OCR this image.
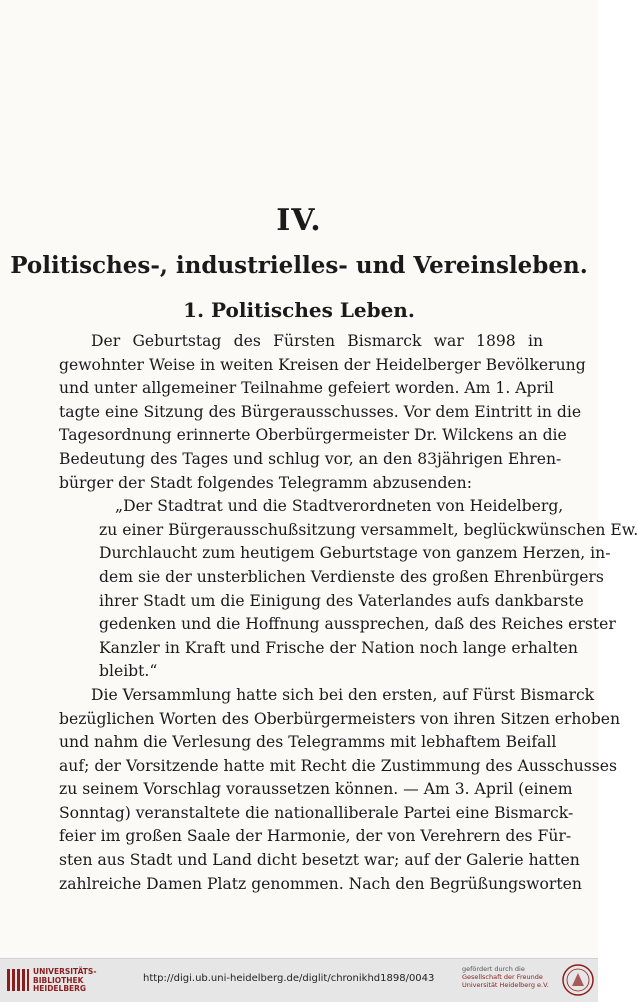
IV.
Politisches-, industrielles- und Vereinsleben.
1. Politisches Leben.
Der Geburtstag des Fürsten Bismarck war 1898 in
gewohnter Weise in weiten Kreisen der Heidelberger Bevölkerung
und unter allgemeiner Teilnahme gefeiert worden. Am 1. April
tagte eine Sitzung des Bürgerausschusses. Vor dem Eintritt in die
Tagesordnung erinnerte Oberbürgermeister Dr. Wilckens an die
Bedeutung des Tages und schlug vor, an den 83jährigen Ehren-
bürger der Stadt folgendes Telegramm abzusenden:
„Der Stadtrat und die Stadtverordneten von Heidelberg,
zu einer Bürgerausschußsitzung versammelt, beglückwünschen Ew.
Durchlaucht zum heutigem Geburtstage von ganzem Herzen, in-
dem sie der unsterblichen Verdienste des großen Ehrenbürgers
ihrer Stadt um die Einigung des Vaterlandes aufs dankbarste
gedenken und die Hoffnung aussprechen, daß des Reiches erster
Kanzler in Kraft und Frische der Nation noch lange erhalten
bleibt.“
Die Versammlung hatte sich bei den ersten, auf Fürst Bismarck
bezüglichen Worten des Oberbürgermeisters von ihren Sitzen erhoben
und nahm die Verlesung des Telegramms mit lebhaftem Beifall
auf; der Vorsitzende hatte mit Recht die Zustimmung des Ausschusses
zu seinem Vorschlag voraussetzen können. — Am 3. April (einem
Sonntag) veranstaltete die nationalliberale Partei eine Bismarck-
feier im großen Saale der Harmonie, der von Verehrern des Für-
sten aus Stadt und Land dicht besetzt war; auf der Galerie hatten
zahlreiche Damen Platz genommen. Nach den Begrüßungsworten
UNIVERSITÄTS-
BIBLIOTHEK
HEIDELBERG
http://digi.ub.uni-heidelberg.de/diglit/chronikhd1898/0043
gefördert durch die
Gesellschaft der Freunde
Universität Heidelberg e.V.
